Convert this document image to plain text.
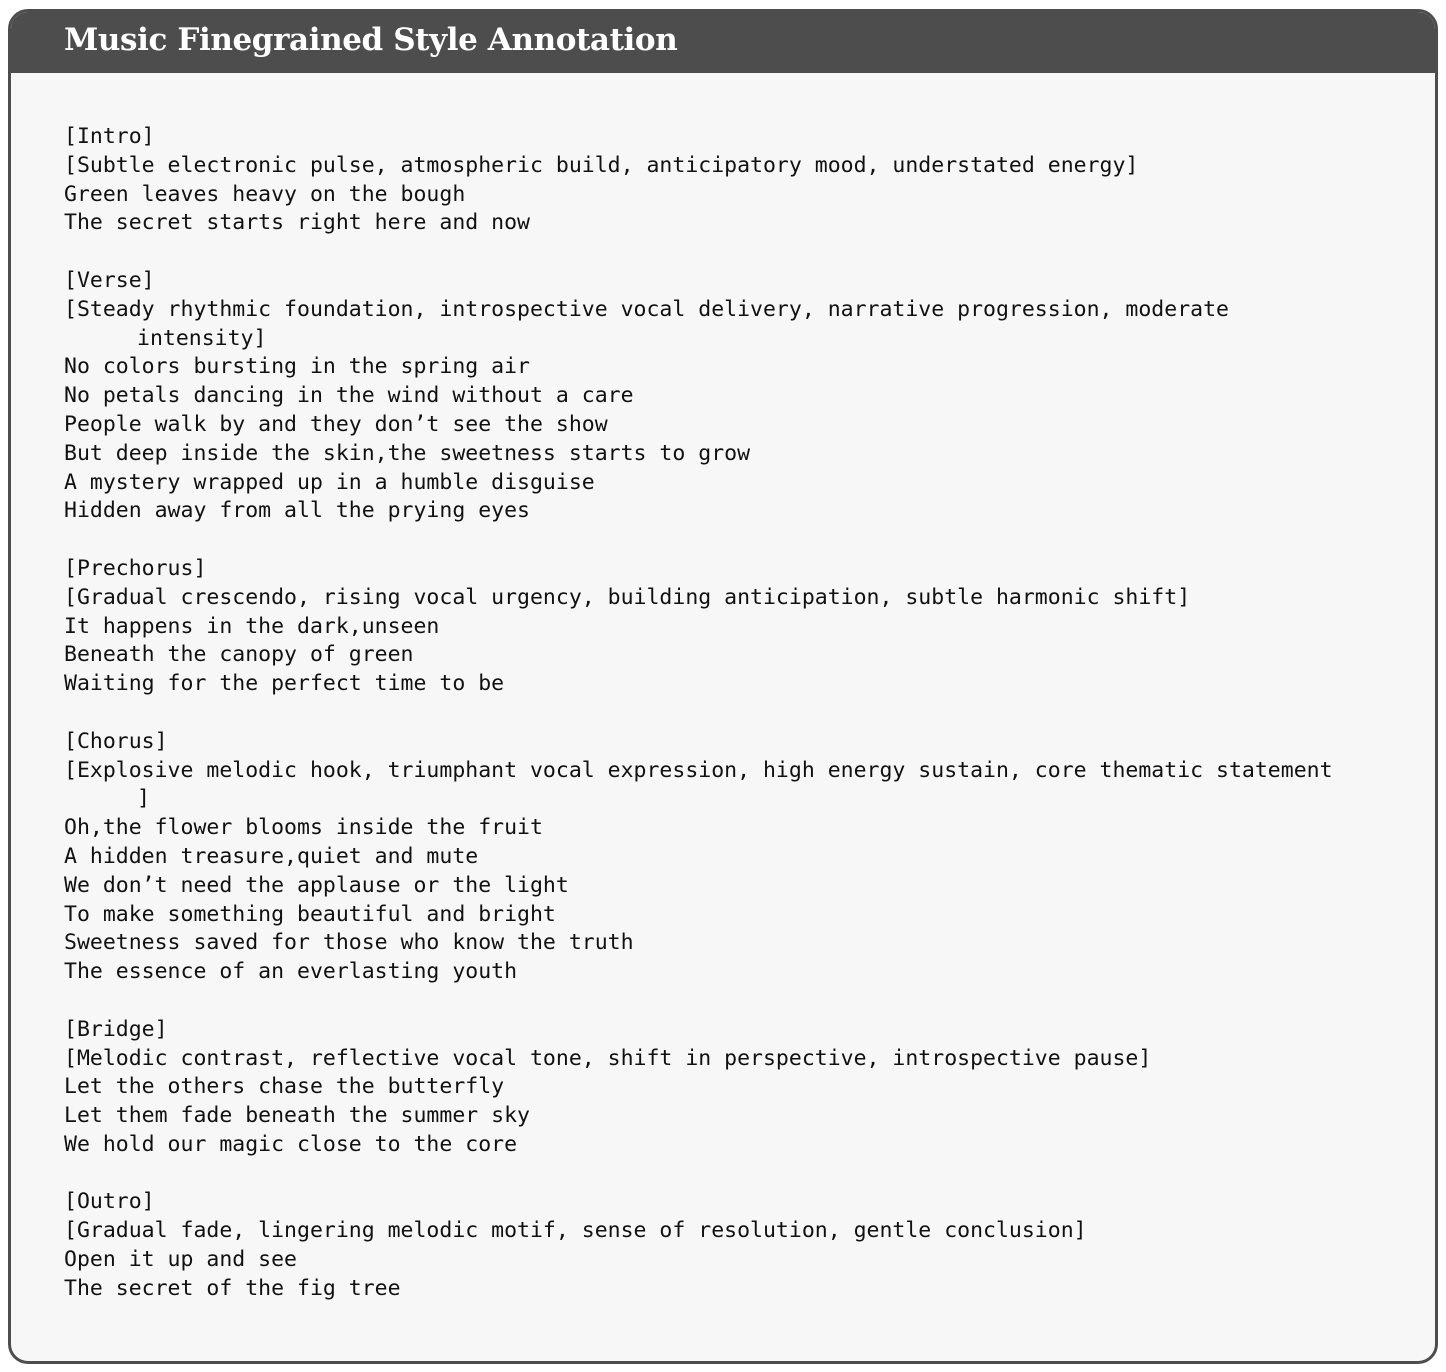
Music Finegrained Style Annotation
[Intro]
[Subtle electronic pulse, atmospheric build, anticipatory mood, understated energy]
Green leaves heavy on the bough
The secret starts right here and now
[Verse]
[Steady rhythmic foundation, introspective vocal delivery, narrative progression, moderate
intensity]
No colors bursting in the spring air
No petals dancing in the wind without a care
People walk by and they don’t see the show
But deep inside the skin,the sweetness starts to grow
A mystery wrapped up in a humble disguise
Hidden away from all the prying eyes
[Prechorus]
[Gradual crescendo, rising vocal urgency, building anticipation, subtle harmonic shift]
It happens in the dark,unseen
Beneath the canopy of green
Waiting for the perfect time to be
[Chorus]
[Explosive melodic hook, triumphant vocal expression, high energy sustain, core thematic statement
]
Oh,the flower blooms inside the fruit
A hidden treasure,quiet and mute
We don’t need the applause or the light
To make something beautiful and bright
Sweetness saved for those who know the truth
The essence of an everlasting youth
[Bridge]
[Melodic contrast, reflective vocal tone, shift in perspective, introspective pause]
Let the others chase the butterfly
Let them fade beneath the summer sky
We hold our magic close to the core
[Outro]
[Gradual fade, lingering melodic motif, sense of resolution, gentle conclusion]
Open it up and see
The secret of the fig tree
